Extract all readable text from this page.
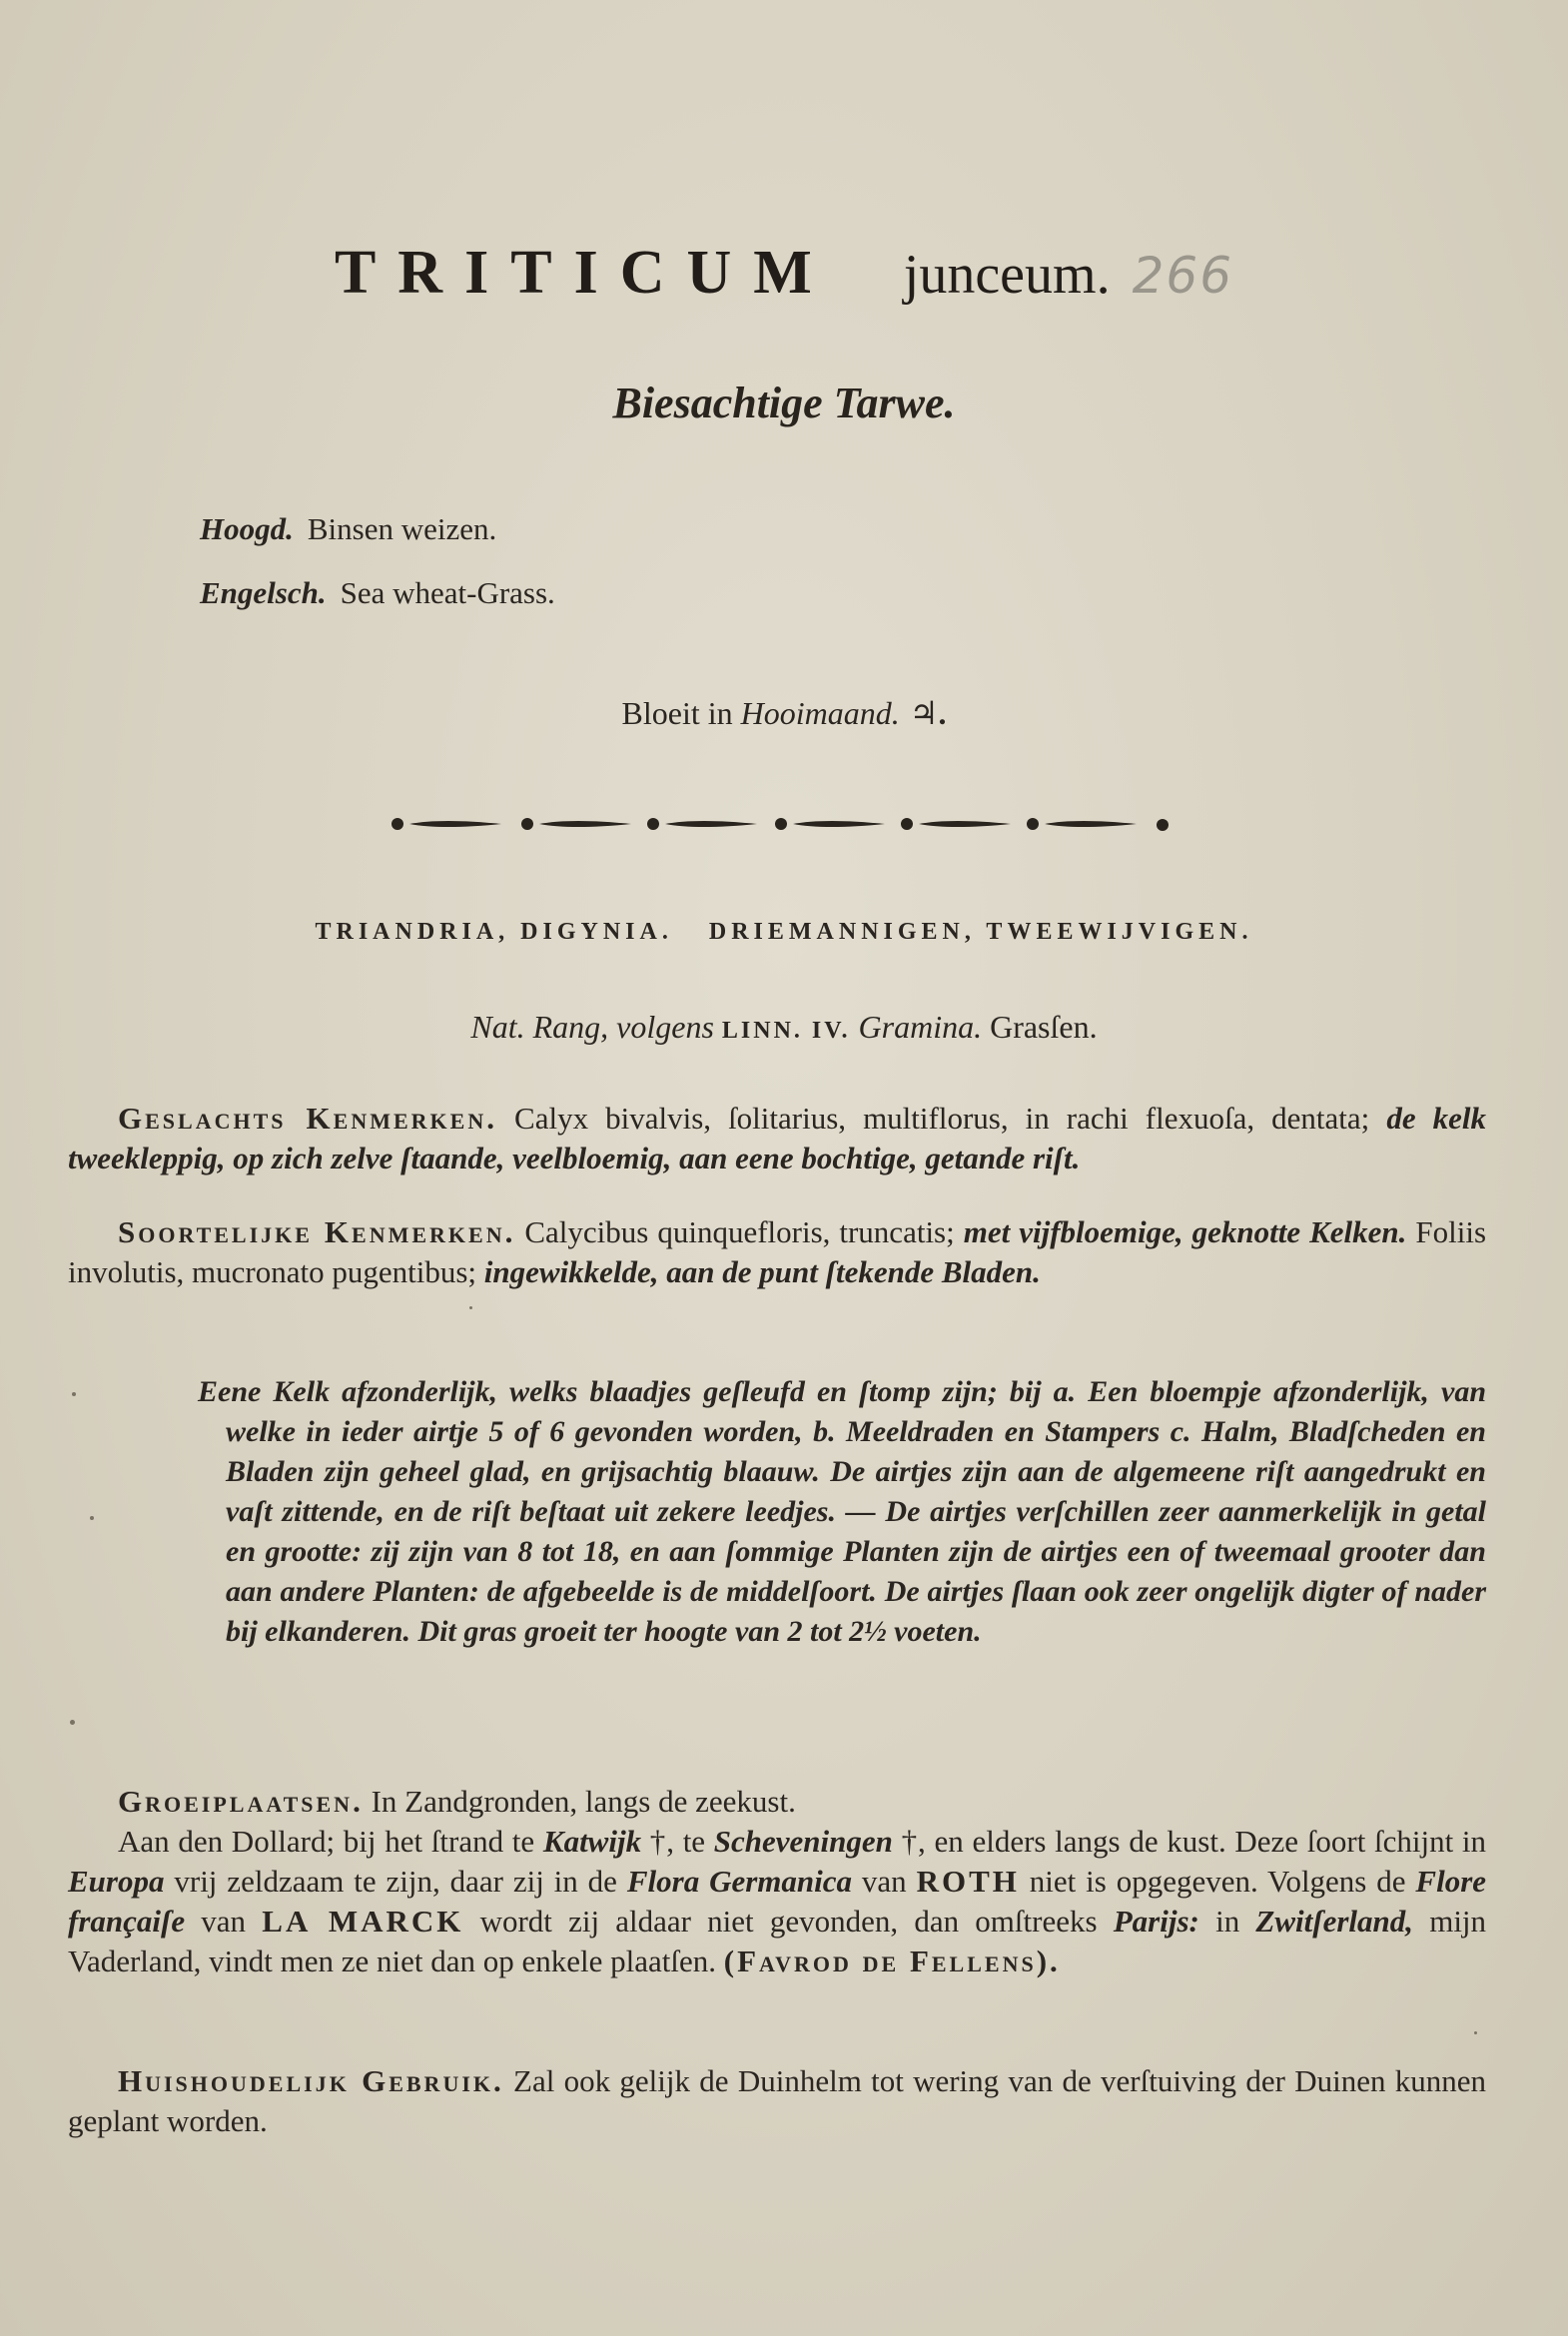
TRITICUM junceum. 266
Biesachtige Tarwe.
Hoogd. Binsen weizen.
Engelsch. Sea wheat-Grass.
Bloeit in Hooimaand. ♃.
TRIANDRIA, DIGYNIA. DRIEMANNIGEN, TWEEWIJVIGEN.
Nat. Rang, volgens LINN. IV. Gramina. Grasſen.
Geslachts Kenmerken. Calyx bivalvis, ſolitarius, multiflorus, in rachi flexuoſa, dentata; de kelk tweekleppig, op zich zelve ſtaande, veelbloemig, aan eene bochtige, getande riſt.
Soortelijke Kenmerken. Calycibus quinquefloris, truncatis; met vijfbloemige, geknotte Kelken. Foliis involutis, mucronato pugentibus; ingewikkelde, aan de punt ſtekende Bladen.
Eene Kelk afzonderlijk, welks blaadjes geſleufd en ſtomp zijn; bij a. Een bloempje afzonderlijk, van welke in ieder airtje 5 of 6 gevonden worden, b. Meeldraden en Stampers c. Halm, Bladſcheden en Bladen zijn geheel glad, en grijsachtig blaauw. De airtjes zijn aan de algemeene riſt aangedrukt en vaſt zittende, en de riſt beſtaat uit zekere leedjes. — De airtjes verſchillen zeer aanmerkelijk in getal en grootte: zij zijn van 8 tot 18, en aan ſommige Planten zijn de airtjes een of tweemaal grooter dan aan andere Planten: de afgebeelde is de middelſoort. De airtjes ſlaan ook zeer ongelijk digter of nader bij elkanderen. Dit gras groeit ter hoogte van 2 tot 2½ voeten.
Groeiplaatsen. In Zandgronden, langs de zeekust.
Aan den Dollard; bij het ſtrand te Katwijk †, te Scheveningen †, en elders langs de kust. Deze ſoort ſchijnt in Europa vrij zeldzaam te zijn, daar zij in de Flora Germanica van ROTH niet is opgegeven. Volgens de Flore françaiſe van LA MARCK wordt zij aldaar niet gevonden, dan omſtreeks Parijs: in Zwitſerland, mijn Vaderland, vindt men ze niet dan op enkele plaatſen. (Favrod de Fellens).
Huishoudelijk Gebruik. Zal ook gelijk de Duinhelm tot wering van de verſtuiving der Duinen kunnen geplant worden.
